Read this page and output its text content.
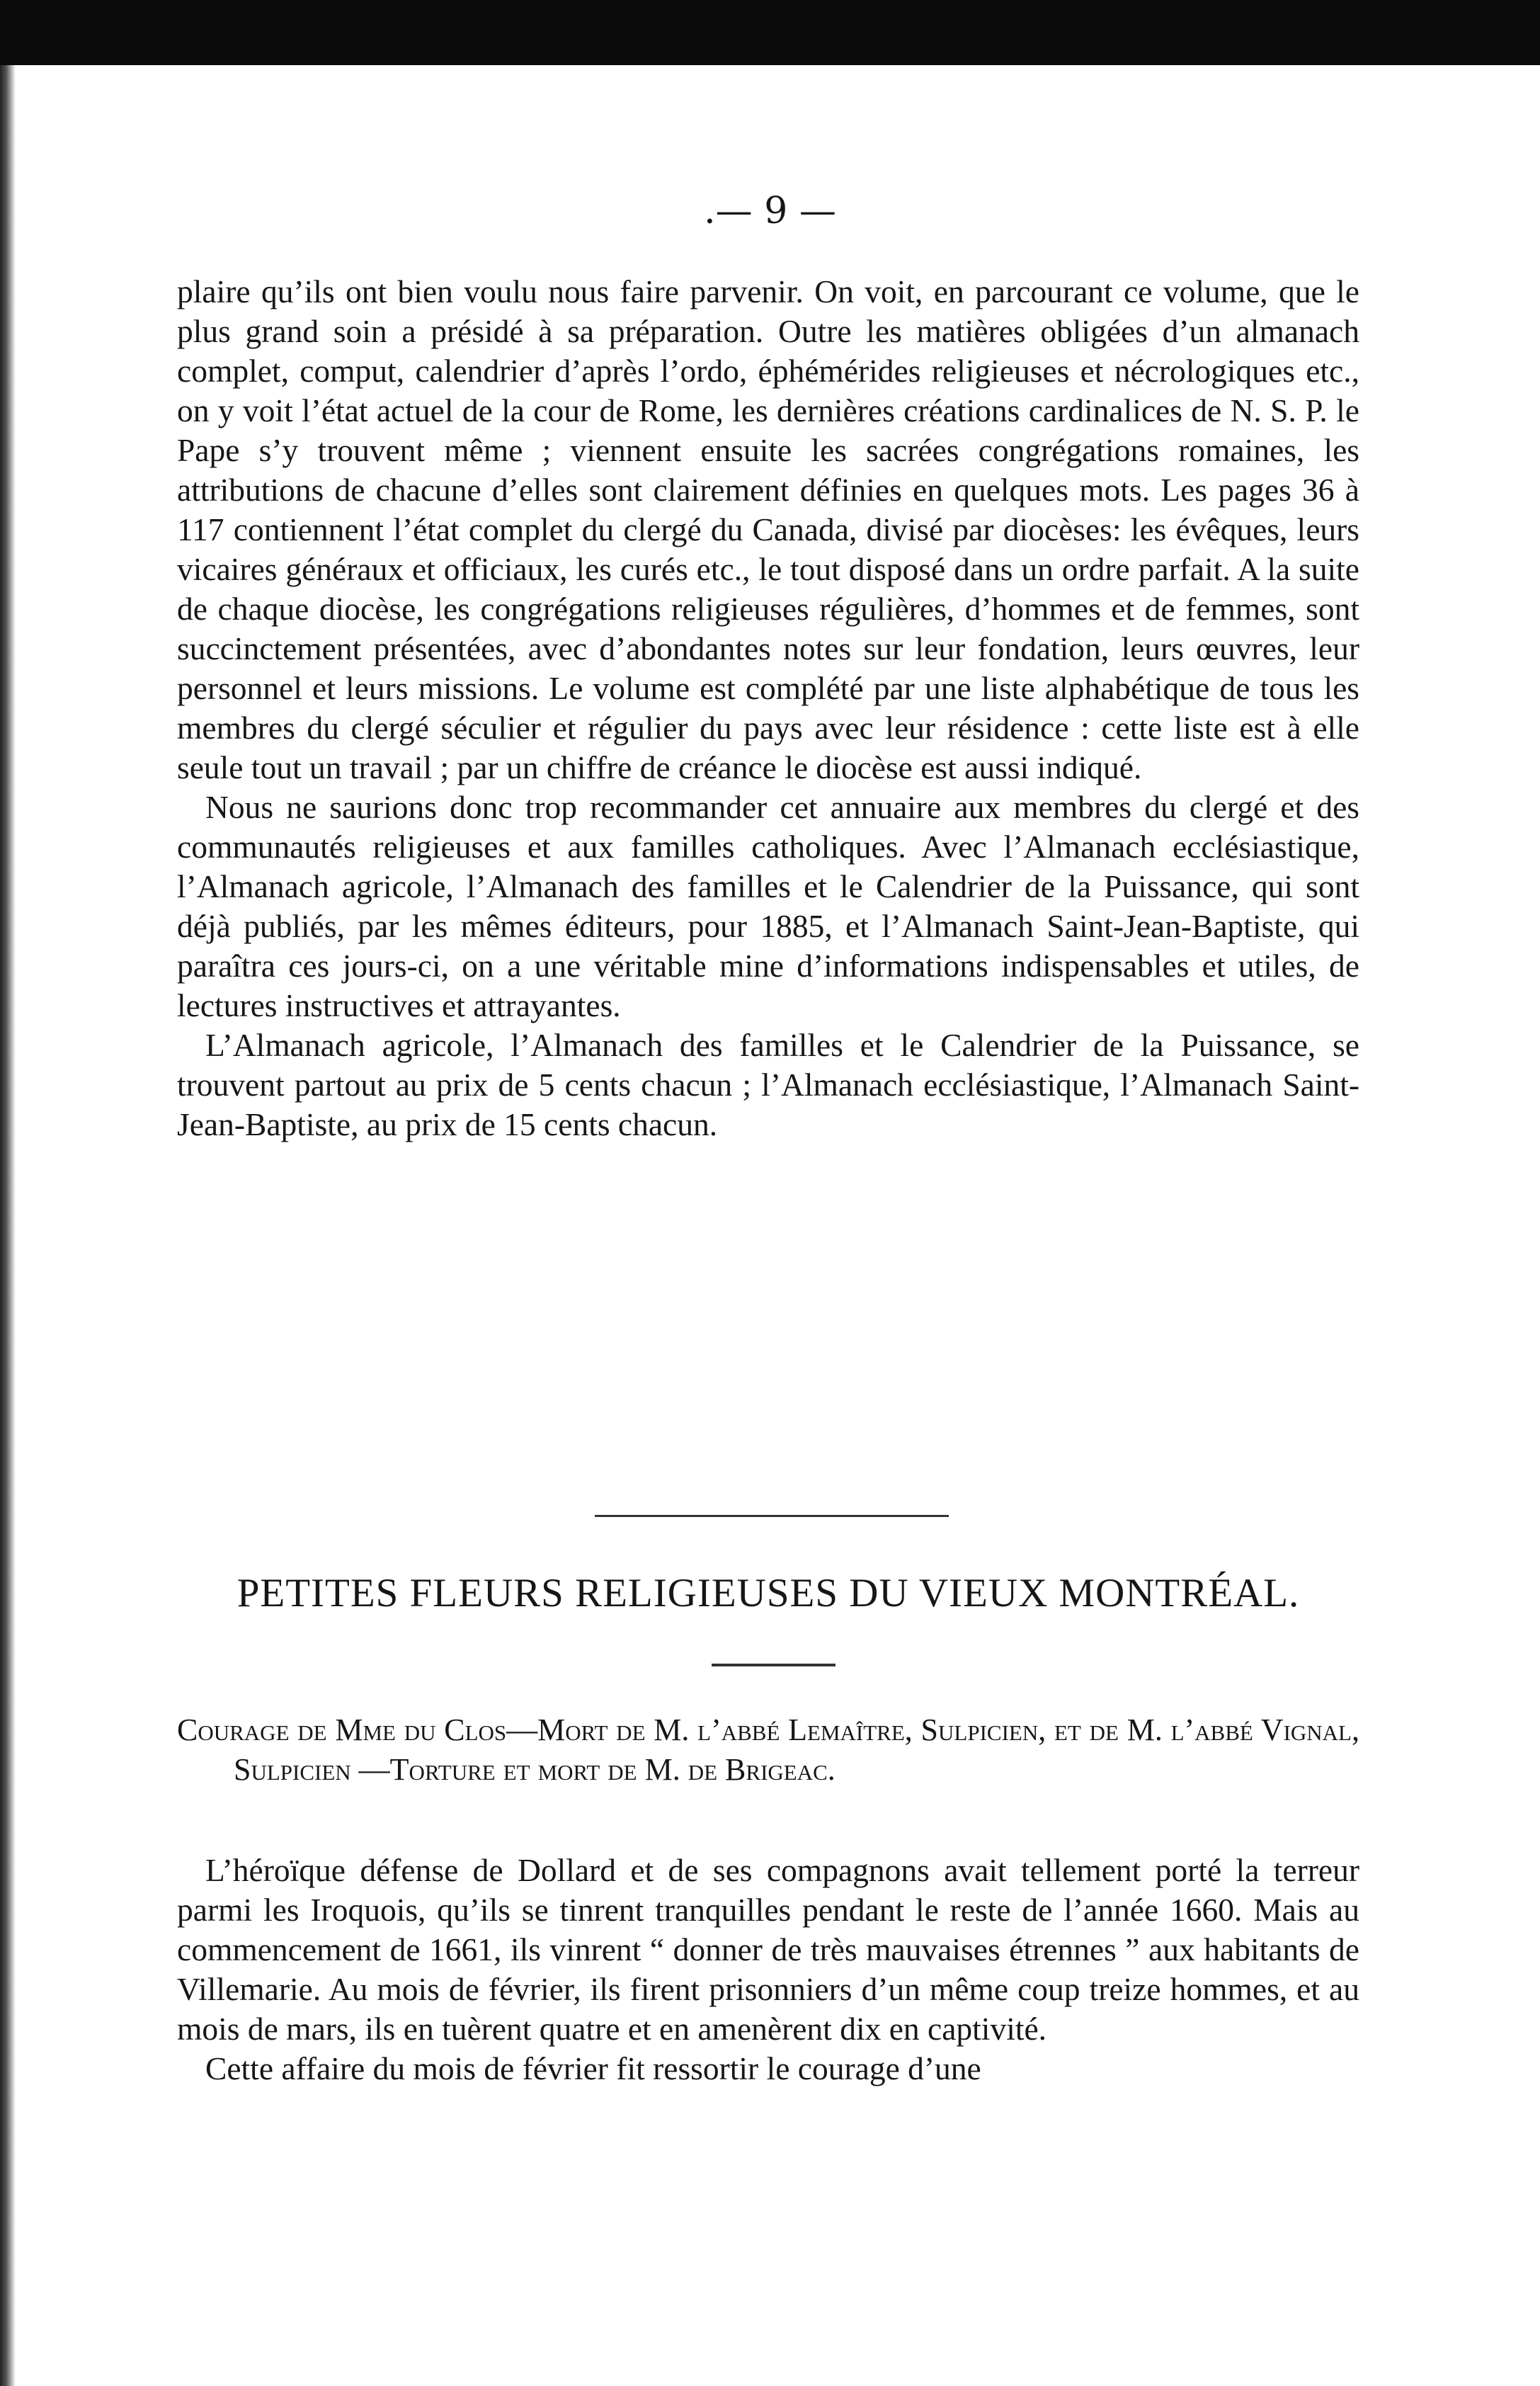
.— 9 —

plaire qu’ils ont bien voulu nous faire parvenir. On voit, en parcourant ce volume, que le plus grand soin a présidé à sa préparation. Outre les matières obligées d’un almanach complet, comput, calendrier d’après l’ordo, éphémérides religieuses et nécrologiques etc., on y voit l’état actuel de la cour de Rome, les dernières créations cardinalices de N. S. P. le Pape s’y trouvent même ; viennent ensuite les sacrées congrégations romaines, les attributions de chacune d’elles sont clairement définies en quelques mots. Les pages 36 à 117 contiennent l’état complet du clergé du Canada, divisé par diocèses: les évêques, leurs vicaires généraux et officiaux, les curés etc., le tout disposé dans un ordre parfait. A la suite de chaque diocèse, les congrégations religieuses régulières, d’hommes et de femmes, sont succinctement présentées, avec d’abondantes notes sur leur fondation, leurs œuvres, leur personnel et leurs missions. Le volume est complété par une liste alphabétique de tous les membres du clergé séculier et régulier du pays avec leur résidence : cette liste est à elle seule tout un travail ; par un chiffre de créance le diocèse est aussi indiqué.

Nous ne saurions donc trop recommander cet annuaire aux membres du clergé et des communautés religieuses et aux familles catholiques. Avec l’Almanach ecclésiastique, l’Almanach agricole, l’Almanach des familles et le Calendrier de la Puissance, qui sont déjà publiés, par les mêmes éditeurs, pour 1885, et l’Almanach Saint-Jean-Baptiste, qui paraîtra ces jours-ci, on a une véritable mine d’informations indispensables et utiles, de lectures instructives et attrayantes.

L’Almanach agricole, l’Almanach des familles et le Calendrier de la Puissance, se trouvent partout au prix de 5 cents chacun ; l’Almanach ecclésiastique, l’Almanach Saint-Jean-Baptiste, au prix de 15 cents chacun.

PETITES FLEURS RELIGIEUSES DU VIEUX MONTRÉAL.
Courage de Mme du Clos—Mort de M. l’abbé Lemaître, Sulpicien, et de M. l’abbé Vignal, Sulpicien —Torture et mort de M. de Brigeac.

L’héroïque défense de Dollard et de ses compagnons avait tellement porté la terreur parmi les Iroquois, qu’ils se tinrent tranquilles pendant le reste de l’année 1660. Mais au commencement de 1661, ils vinrent “ donner de très mauvaises étrennes ” aux habitants de Villemarie. Au mois de février, ils firent prisonniers d’un même coup treize hommes, et au mois de mars, ils en tuèrent quatre et en amenèrent dix en captivité.

Cette affaire du mois de février fit ressortir le courage d’une
